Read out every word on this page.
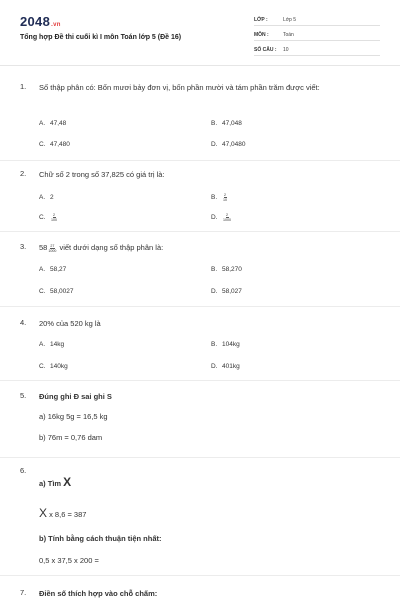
2048.vn
Tổng hợp Đề thi cuối kì I môn Toán lớp 5 (Đề 16)
LỚP :	Lớp 5
MÔN :	Toán
SỐ CÂU : 10
1. Số thập phân có: Bốn mươi bảy đơn vị, bốn phần mười và tám phần trăm được viết:
A. 47,48	B. 47,048
C. 47,480	D. 47,0480
2. Chữ số 2 trong số 37,825 có giá trị là:
A. 2	B. $\frac{2}{10}$
C. $\frac{2}{100}$	D. $\frac{2}{1000}$
3. $58 \frac{27}{1000}$ viết dưới dạng số thập phân là:
A. 58,27	B. 58,270
C. 58,0027	D. 58,027
4. 20% của 520 kg là
A. 14kg	B. 104kg
C. 140kg	D. 401kg
5. Đúng ghi Đ sai ghi S
a) 16kg 5g = 16,5 kg
b) 76m = 0,76 dam
6.
a) Tìm X
X x 8,6 = 387
b) Tính bằng cách thuận tiện nhất:
0,5 x 37,5 x 200 =
7. Điền số thích hợp vào chỗ chấm:
